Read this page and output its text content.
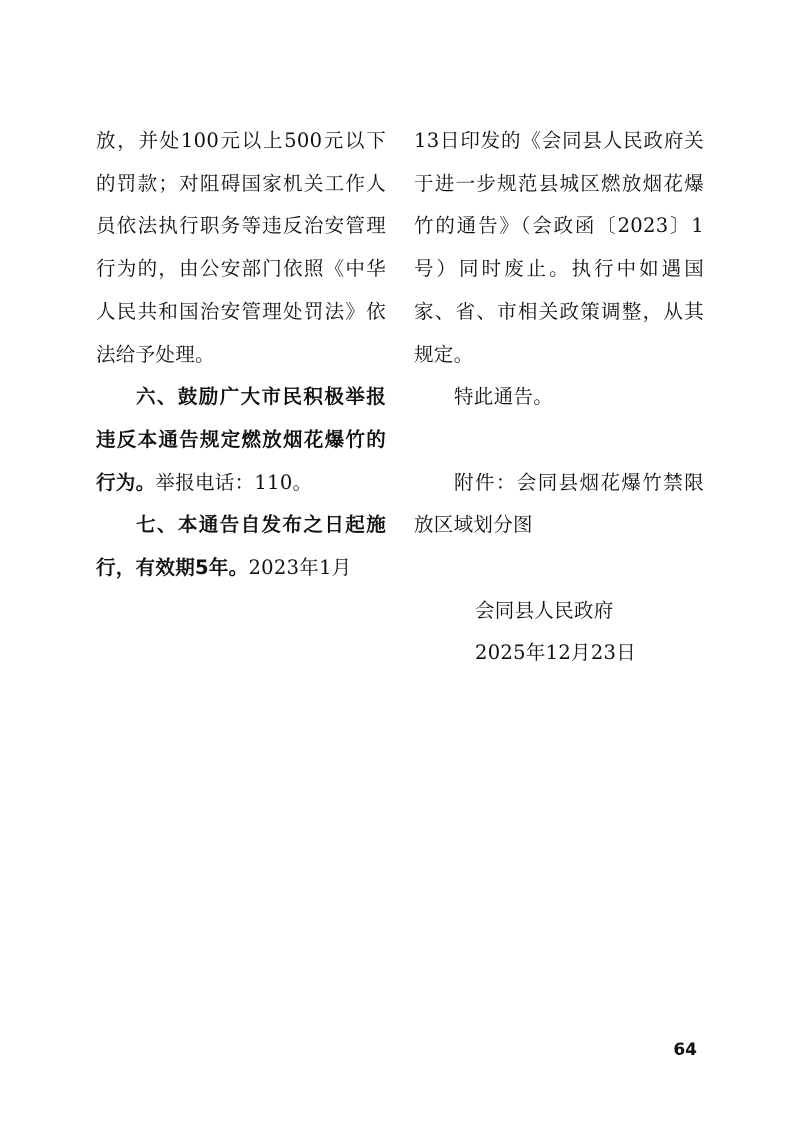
放，并处100元以上500元以下的罚款；对阻碍国家机关工作人员依法执行职务等违反治安管理行为的，由公安部门依照《中华人民共和国治安管理处罚法》依法给予处理。

六、鼓励广大市民积极举报违反本通告规定燃放烟花爆竹的行为。举报电话：110。

七、本通告自发布之日起施行，有效期5年。2023年1月

13日印发的《会同县人民政府关于进一步规范县城区燃放烟花爆竹的通告》（会政函〔2023〕1号）同时废止。执行中如遇国家、省、市相关政策调整，从其规定。

特此通告。

附件：会同县烟花爆竹禁限放区域划分图

会同县人民政府
2025年12月23日
64
